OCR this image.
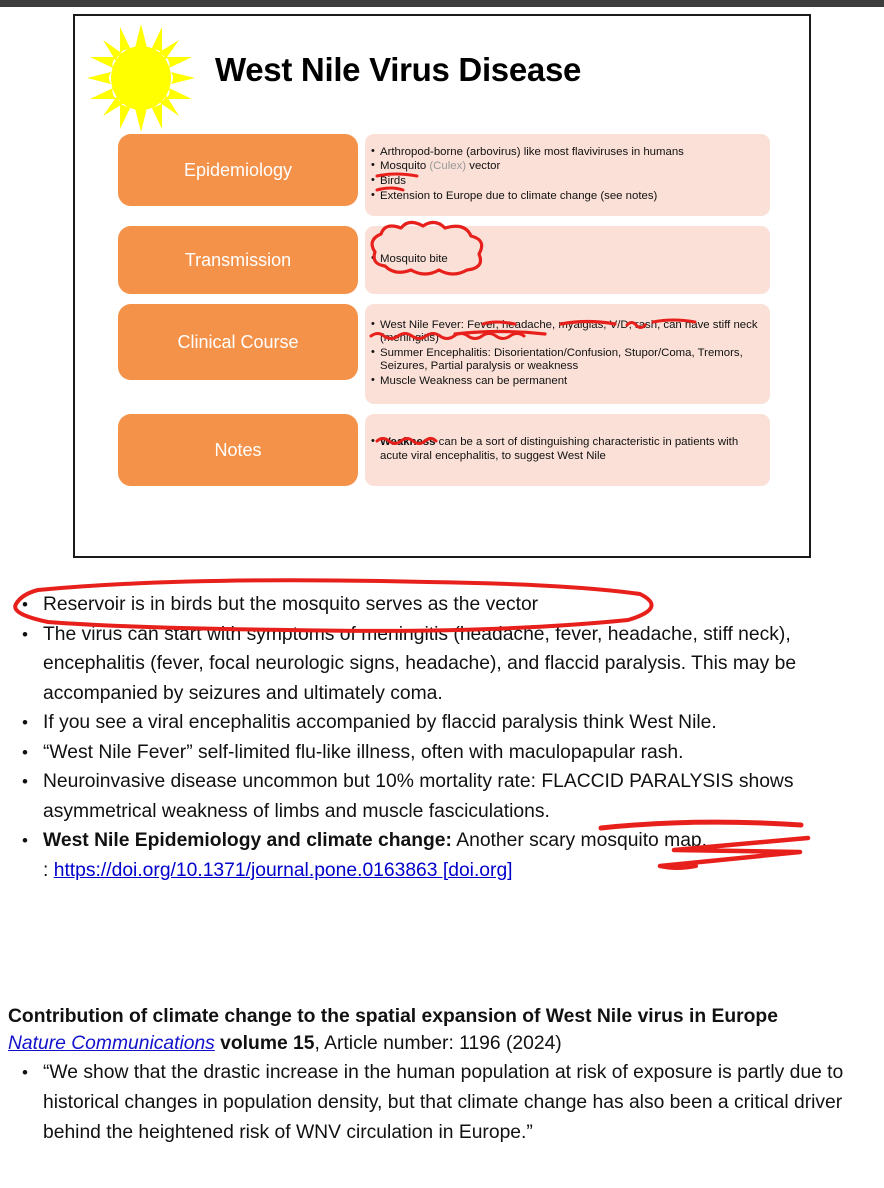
West Nile Virus Disease
Epidemiology
• Arthropod-borne (arbovirus) like most flaviviruses in humans
• Mosquito (Culex) vector
• Birds
• Extension to Europe due to climate change (see notes)
Transmission	• Mosquito bite
Clinical Course
• West Nile Fever: Fever, headache, myalgias, V/D, rash, can have stiff neck (meningitis)
• Summer Encephalitis: Disorientation/Confusion, Stupor/Coma, Tremors, Seizures, Partial paralysis or weakness
• Muscle Weakness can be permanent
Notes	• Weakness can be a sort of distinguishing characteristic in patients with acute viral encephalitis, to suggest West Nile
• Reservoir is in birds but the mosquito serves as the vector
• The virus can start with symptoms of meningitis (headache, fever, headache, stiff neck), encephalitis (fever, focal neurologic signs, headache), and flaccid paralysis. This may be accompanied by seizures and ultimately coma.
• If you see a viral encephalitis accompanied by flaccid paralysis think West Nile.
• “West Nile Fever” self-limited flu-like illness, often with maculopapular rash.
• Neuroinvasive disease uncommon but 10% mortality rate: FLACCID PARALYSIS shows asymmetrical weakness of limbs and muscle fasciculations.
• West Nile Epidemiology and climate change: Another scary mosquito map,
: https://doi.org/10.1371/journal.pone.0163863 [doi.org]
Contribution of climate change to the spatial expansion of West Nile virus in Europe
Nature Communications volume 15, Article number: 1196 (2024)
• “We show that the drastic increase in the human population at risk of exposure is partly due to historical changes in population density, but that climate change has also been a critical driver behind the heightened risk of WNV circulation in Europe.”
